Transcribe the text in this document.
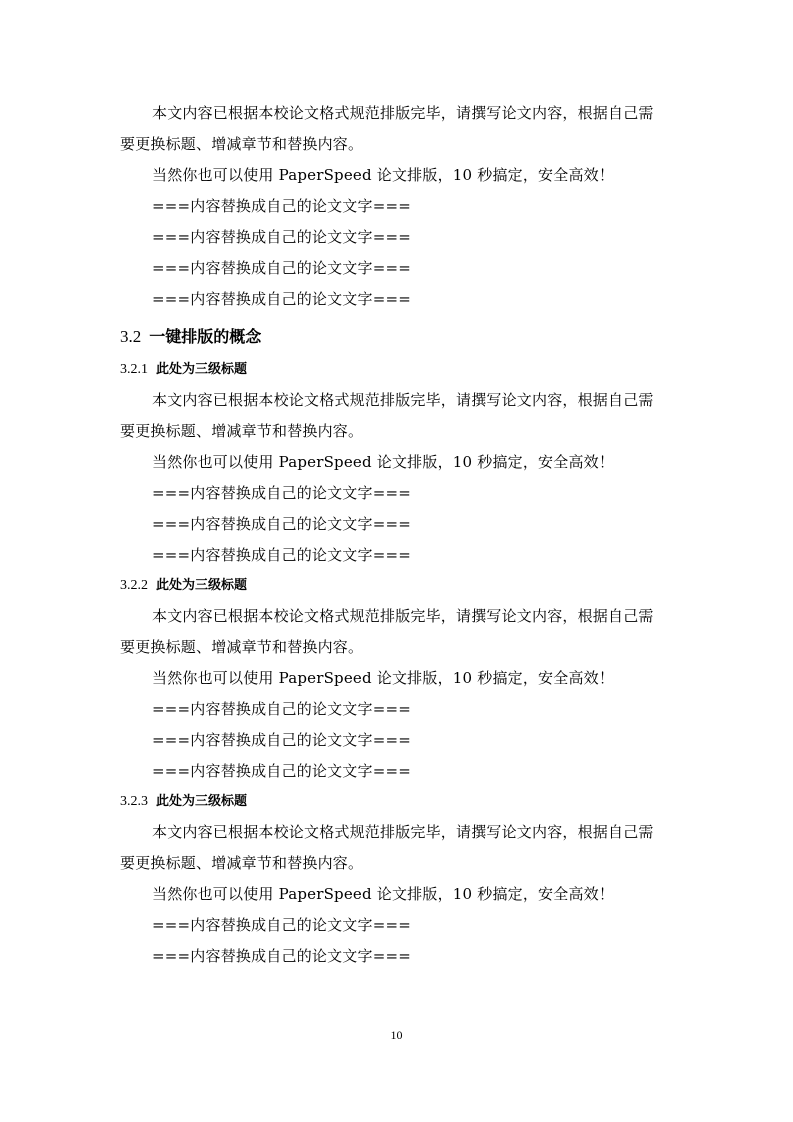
本文内容已根据本校论文格式规范排版完毕，请撰写论文内容，根据自己需

要更换标题、增减章节和替换内容。

当然你也可以使用 PaperSpeed 论文排版，10 秒搞定，安全高效！

===内容替换成自己的论文文字===

===内容替换成自己的论文文字===

===内容替换成自己的论文文字===

===内容替换成自己的论文文字===

3.2 一键排版的概念
3.2.1 此处为三级标题

本文内容已根据本校论文格式规范排版完毕，请撰写论文内容，根据自己需

要更换标题、增减章节和替换内容。

当然你也可以使用 PaperSpeed 论文排版，10 秒搞定，安全高效！

===内容替换成自己的论文文字===

===内容替换成自己的论文文字===

===内容替换成自己的论文文字===

3.2.2 此处为三级标题

本文内容已根据本校论文格式规范排版完毕，请撰写论文内容，根据自己需

要更换标题、增减章节和替换内容。

当然你也可以使用 PaperSpeed 论文排版，10 秒搞定，安全高效！

===内容替换成自己的论文文字===

===内容替换成自己的论文文字===

===内容替换成自己的论文文字===

3.2.3 此处为三级标题

本文内容已根据本校论文格式规范排版完毕，请撰写论文内容，根据自己需

要更换标题、增减章节和替换内容。

当然你也可以使用 PaperSpeed 论文排版，10 秒搞定，安全高效！

===内容替换成自己的论文文字===

===内容替换成自己的论文文字===

10
